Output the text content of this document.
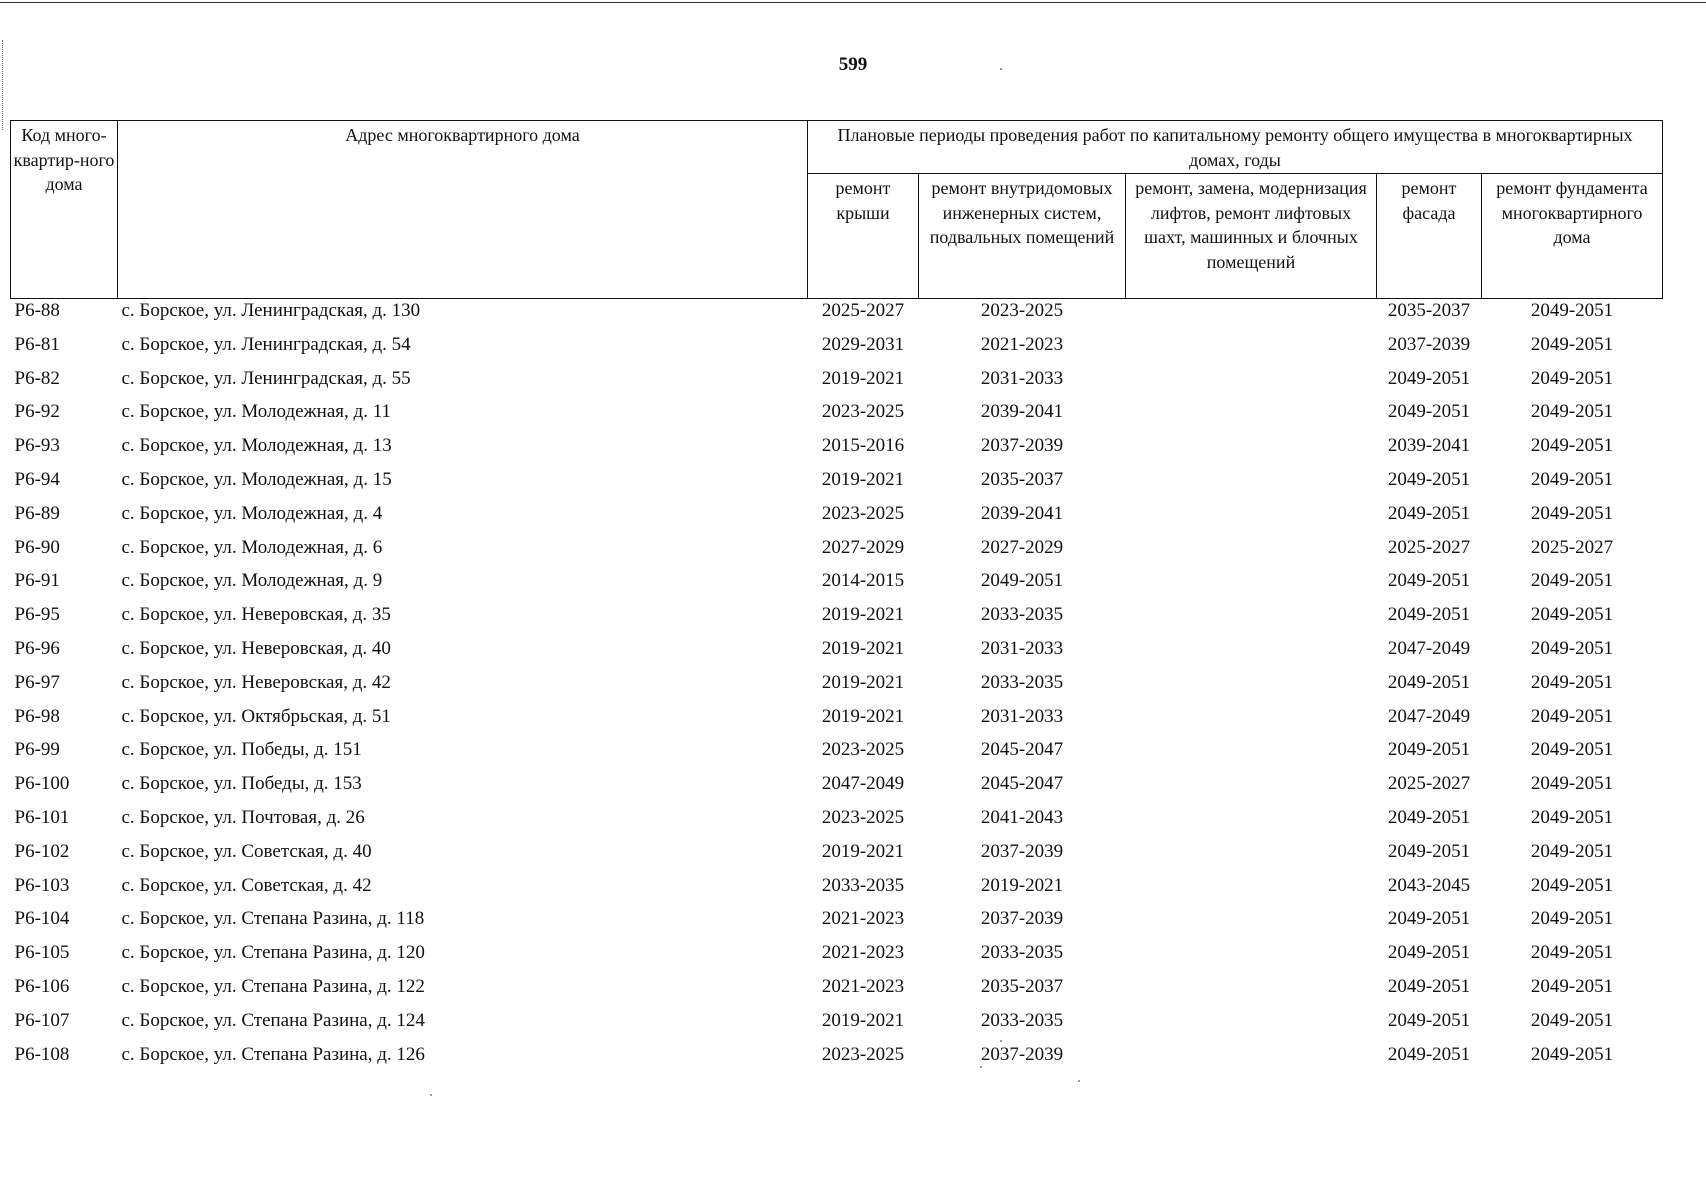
599
Код много-квартир-ного дома	Адрес многоквартирного дома	Плановые периоды проведения работ по капитальному ремонту общего имущества в многоквартирных домах, годы				
		ремонт крыши	ремонт внутридомовых инженерных систем, подвальных помещений	ремонт, замена, модернизация лифтов, ремонт лифтовых шахт, машинных и блочных помещений	ремонт фасада	ремонт фундамента многоквартирного дома
Р6-88	с. Борское, ул. Ленинградская, д. 130	2025-2027	2023-2025		2035-2037	2049-2051
Р6-81	с. Борское, ул. Ленинградская, д. 54	2029-2031	2021-2023		2037-2039	2049-2051
Р6-82	с. Борское, ул. Ленинградская, д. 55	2019-2021	2031-2033		2049-2051	2049-2051
Р6-92	с. Борское, ул. Молодежная, д. 11	2023-2025	2039-2041		2049-2051	2049-2051
Р6-93	с. Борское, ул. Молодежная, д. 13	2015-2016	2037-2039		2039-2041	2049-2051
Р6-94	с. Борское, ул. Молодежная, д. 15	2019-2021	2035-2037		2049-2051	2049-2051
Р6-89	с. Борское, ул. Молодежная, д. 4	2023-2025	2039-2041		2049-2051	2049-2051
Р6-90	с. Борское, ул. Молодежная, д. 6	2027-2029	2027-2029		2025-2027	2025-2027
Р6-91	с. Борское, ул. Молодежная, д. 9	2014-2015	2049-2051		2049-2051	2049-2051
Р6-95	с. Борское, ул. Неверовская, д. 35	2019-2021	2033-2035		2049-2051	2049-2051
Р6-96	с. Борское, ул. Неверовская, д. 40	2019-2021	2031-2033		2047-2049	2049-2051
Р6-97	с. Борское, ул. Неверовская, д. 42	2019-2021	2033-2035		2049-2051	2049-2051
Р6-98	с. Борское, ул. Октябрьская, д. 51	2019-2021	2031-2033		2047-2049	2049-2051
Р6-99	с. Борское, ул. Победы, д. 151	2023-2025	2045-2047		2049-2051	2049-2051
Р6-100	с. Борское, ул. Победы, д. 153	2047-2049	2045-2047		2025-2027	2049-2051
Р6-101	с. Борское, ул. Почтовая, д. 26	2023-2025	2041-2043		2049-2051	2049-2051
Р6-102	с. Борское, ул. Советская, д. 40	2019-2021	2037-2039		2049-2051	2049-2051
Р6-103	с. Борское, ул. Советская, д. 42	2033-2035	2019-2021		2043-2045	2049-2051
Р6-104	с. Борское, ул. Степана Разина, д. 118	2021-2023	2037-2039		2049-2051	2049-2051
Р6-105	с. Борское, ул. Степана Разина, д. 120	2021-2023	2033-2035		2049-2051	2049-2051
Р6-106	с. Борское, ул. Степана Разина, д. 122	2021-2023	2035-2037		2049-2051	2049-2051
Р6-107	с. Борское, ул. Степана Разина, д. 124	2019-2021	2033-2035		2049-2051	2049-2051
Р6-108	с. Борское, ул. Степана Разина, д. 126	2023-2025	2037-2039		2049-2051	2049-2051
